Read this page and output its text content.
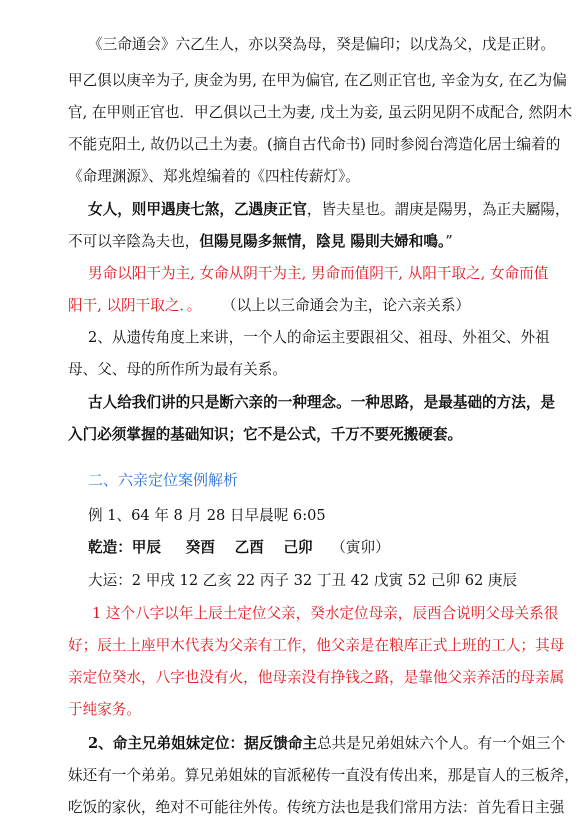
《三命通会》六乙生人，亦以癸為母，癸是偏印；以戊為父，戊是正財。
甲乙俱以庚辛为子, 庚金为男, 在甲为偏官, 在乙则正官也, 辛金为女, 在乙为偏
官, 在甲则正官也．甲乙俱以己土为妻, 戊土为妾, 虽云阴见阴不成配合, 然阴木
不能克阳土, 故仍以己土为妻。(摘自古代命书) 同时参阅台湾造化居士编着的
《命理渊源》、郑兆煌编着的《四柱传薪灯》。
女人，则甲遇庚七煞，乙遇庚正官，皆夫星也。謂庚是陽男，為正夫屬陽，
不可以辛陰為夫也，但陽見陽多無情，陰見 陽則夫婦和鳴。”
男命以阳干为主, 女命从阴干为主, 男命而值阴干, 从阳干取之, 女命而值
阳干, 以阴干取之．。 （以上以三命通会为主，论六亲关系）
2、从遗传角度上来讲，一个人的命运主要跟祖父、祖母、外祖父、外祖
母、父、母的所作所为最有关系。
古人给我们讲的只是断六亲的一种理念。一种思路，是最基础的方法，是
入门必须掌握的基础知识；它不是公式，千万不要死搬硬套。
二、六亲定位案例解析
例 1、64 年 8 月 28 日早晨呢 6:05
乾造：甲辰 　 癸酉 　乙酉 　己卯 （寅卯）
大运：2 甲戌 12 乙亥 22 丙子 32 丁丑 42 戊寅 52 己卯 62 庚辰
1 这个八字以年上辰土定位父亲，癸水定位母亲，辰酉合说明父母关系很
好；辰土上座甲木代表为父亲有工作，他父亲是在粮库正式上班的工人；其母
亲定位癸水，八字也没有火，他母亲没有挣钱之路，是靠他父亲养活的母亲属
于纯家务。
2、命主兄弟姐妹定位：据反馈命主总共是兄弟姐妹六个人。有一个姐三个
妹还有一个弟弟。算兄弟姐妹的盲派秘传一直没有传出来，那是盲人的三板斧，
吃饭的家伙，绝对不可能往外传。传统方法也是我们常用方法：首先看日主强
